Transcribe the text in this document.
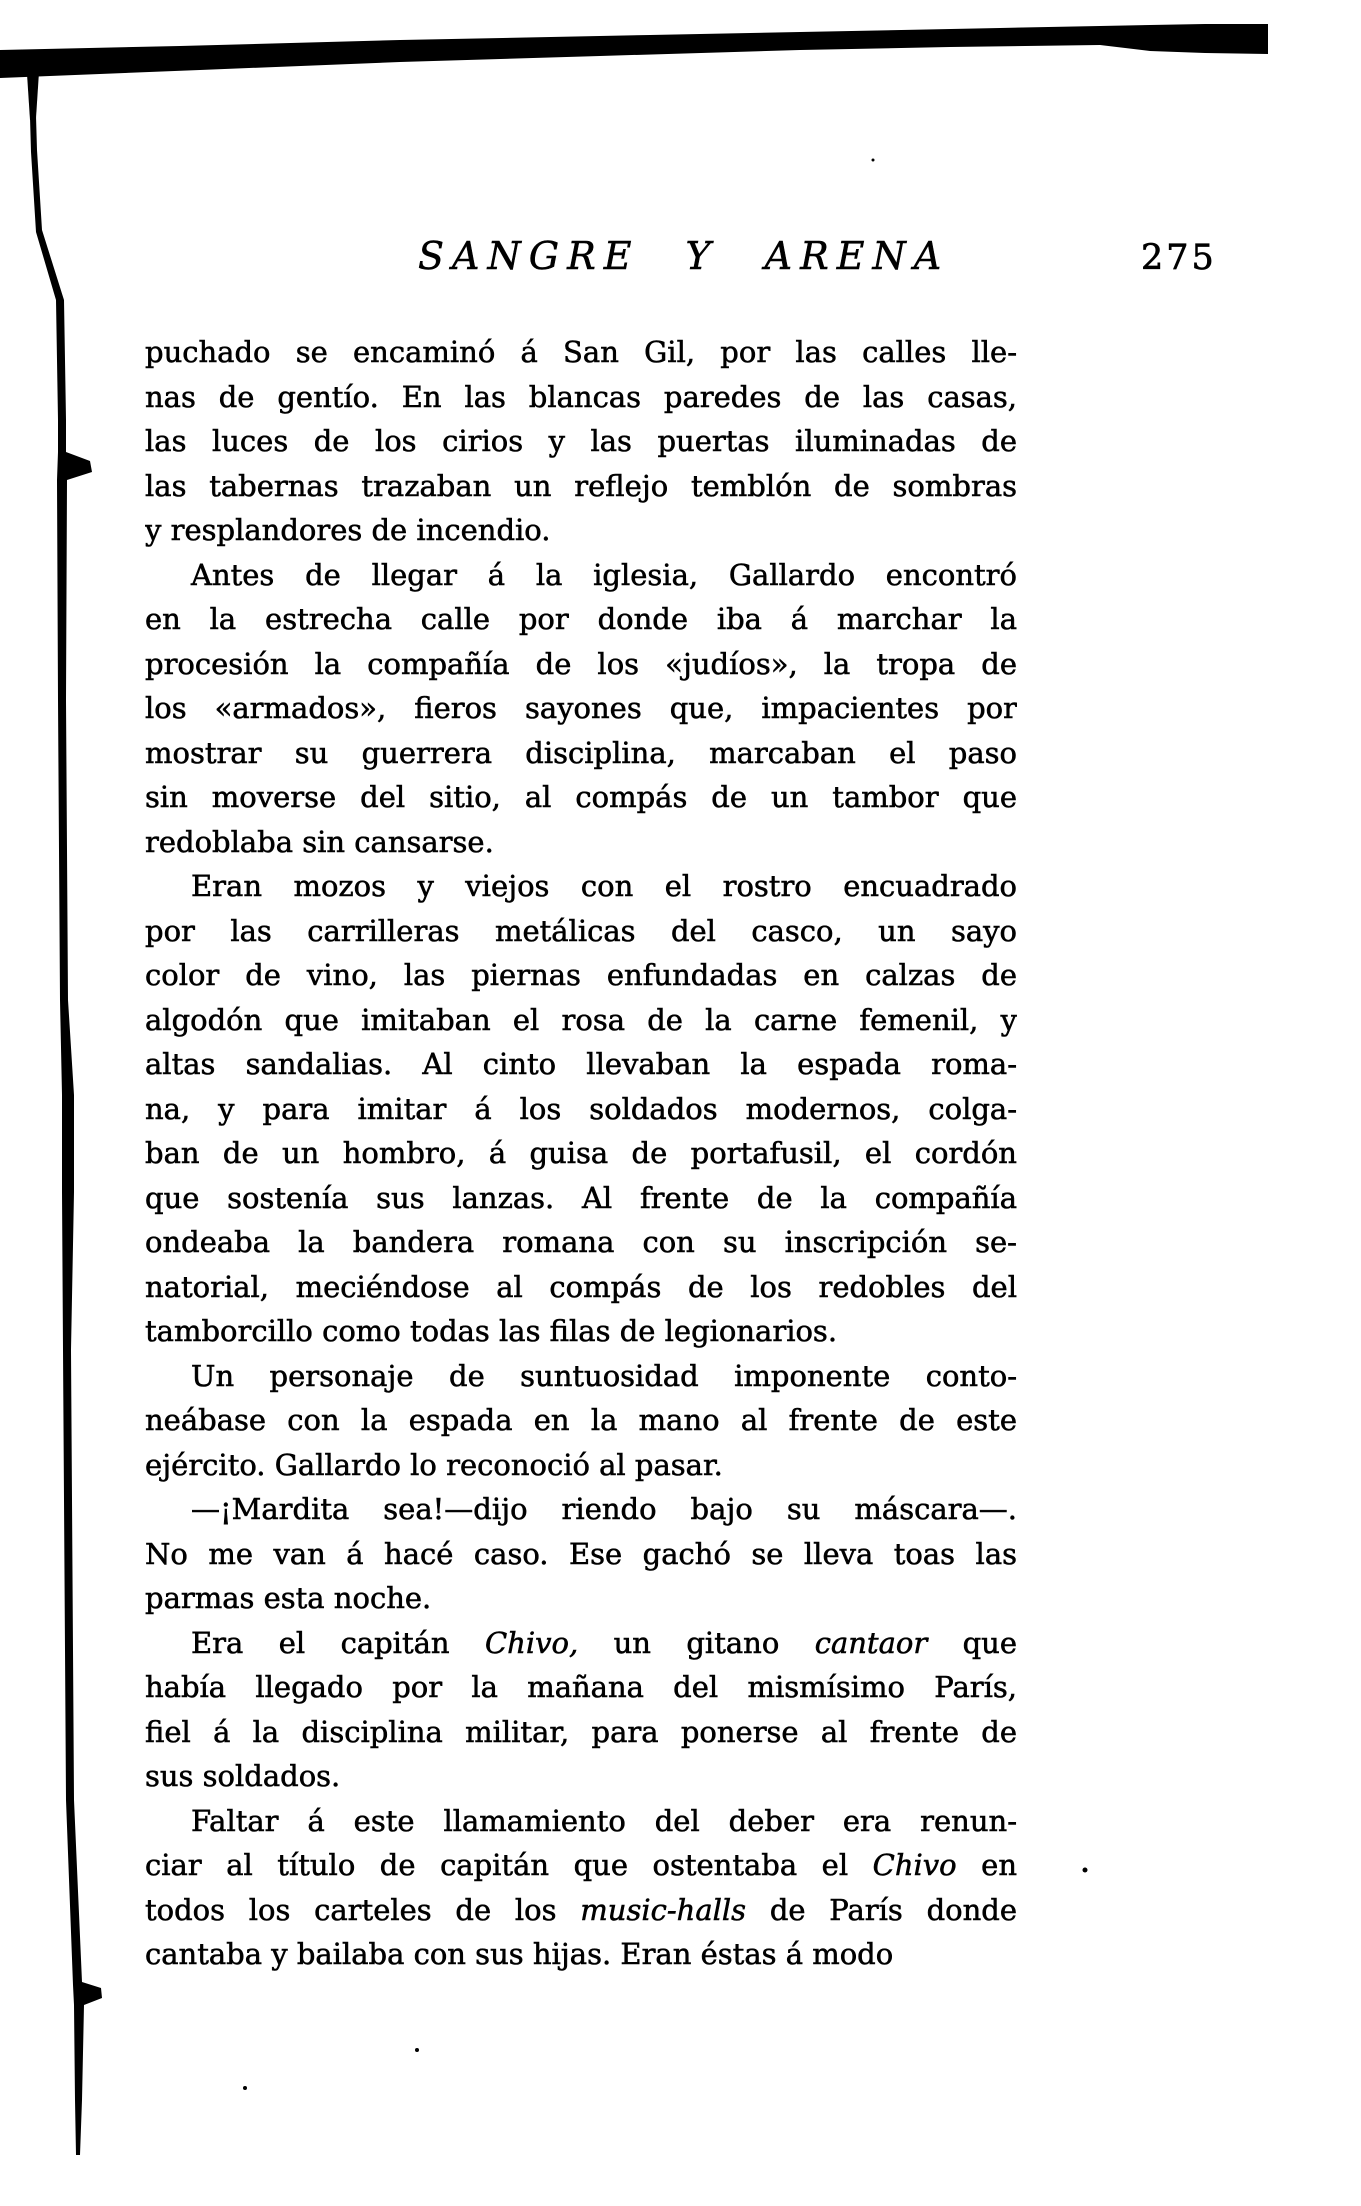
SANGRE Y ARENA	275
puchado se encaminó á San Gil, por las calles lle-
nas de gentío. En las blancas paredes de las casas,
las luces de los cirios y las puertas iluminadas de
las tabernas trazaban un reflejo temblón de sombras
y resplandores de incendio.
Antes de llegar á la iglesia, Gallardo encontró
en la estrecha calle por donde iba á marchar la
procesión la compañía de los «judíos», la tropa de
los «armados», fieros sayones que, impacientes por
mostrar su guerrera disciplina, marcaban el paso
sin moverse del sitio, al compás de un tambor que
redoblaba sin cansarse.
Eran mozos y viejos con el rostro encuadrado
por las carrilleras metálicas del casco, un sayo
color de vino, las piernas enfundadas en calzas de
algodón que imitaban el rosa de la carne femenil, y
altas sandalias. Al cinto llevaban la espada roma-
na, y para imitar á los soldados modernos, colga-
ban de un hombro, á guisa de portafusil, el cordón
que sostenía sus lanzas. Al frente de la compañía
ondeaba la bandera romana con su inscripción se-
natorial, meciéndose al compás de los redobles del
tamborcillo como todas las filas de legionarios.
Un personaje de suntuosidad imponente conto-
neábase con la espada en la mano al frente de este
ejército. Gallardo lo reconoció al pasar.
—¡Mardita sea!—dijo riendo bajo su máscara—.
No me van á hacé caso. Ese gachó se lleva toas las
parmas esta noche.
Era el capitán Chivo, un gitano cantaor que
había llegado por la mañana del mismísimo París,
fiel á la disciplina militar, para ponerse al frente de
sus soldados.
Faltar á este llamamiento del deber era renun-
ciar al título de capitán que ostentaba el Chivo en
todos los carteles de los music-halls de París donde
cantaba y bailaba con sus hijas. Eran éstas á modo
